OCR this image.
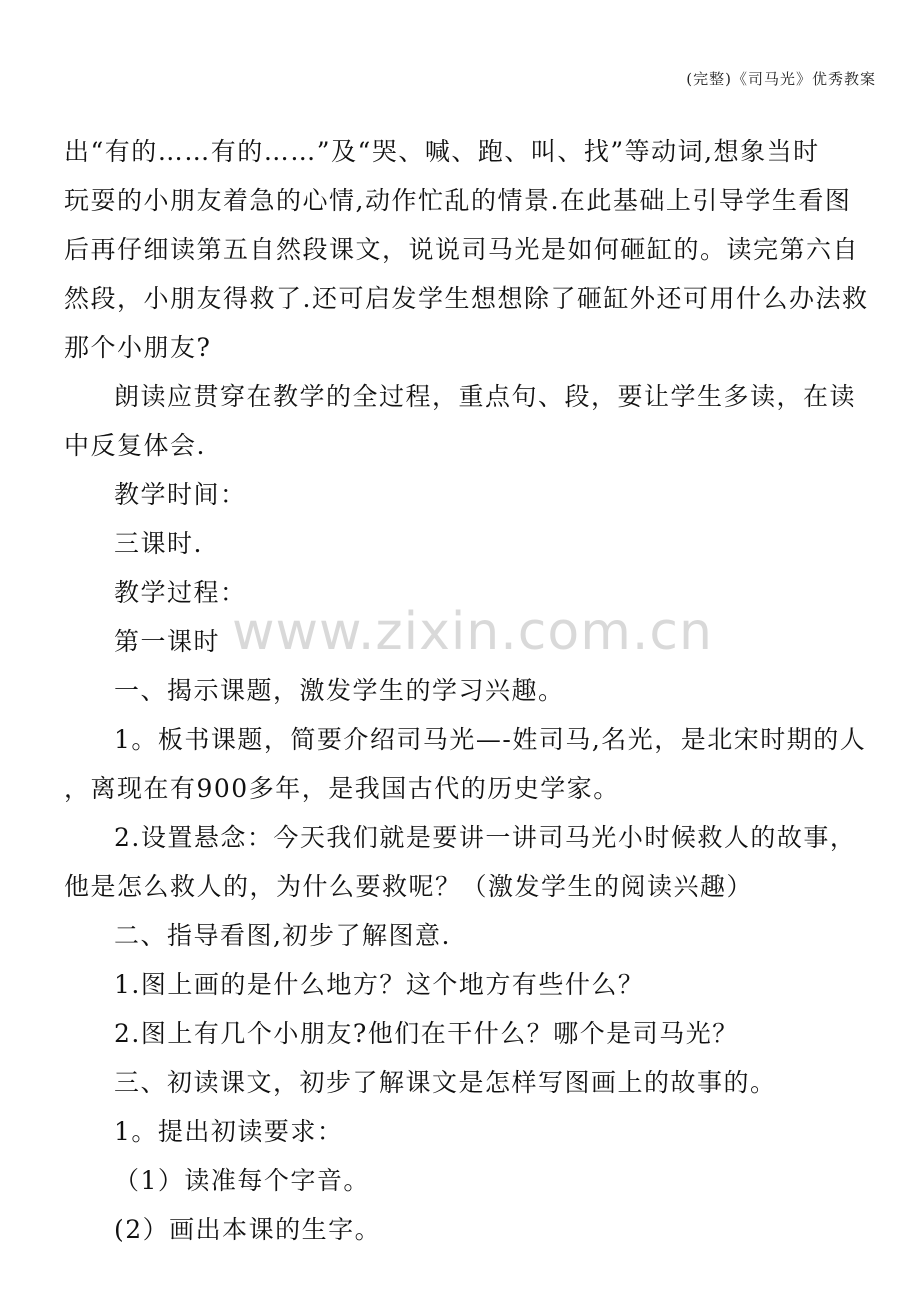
(完整)《司马光》优秀教案
www.zixin.com.cn

出“有的……有的……”及“哭、喊、跑、叫、找”等动词,想象当时

玩耍的小朋友着急的心情,动作忙乱的情景.在此基础上引导学生看图

后再仔细读第五自然段课文，说说司马光是如何砸缸的。读完第六自

然段，小朋友得救了.还可启发学生想想除了砸缸外还可用什么办法救

那个小朋友?

朗读应贯穿在教学的全过程，重点句、段，要让学生多读，在读

中反复体会.

教学时间：

三课时.

教学过程：

第一课时

一、揭示课题，激发学生的学习兴趣。

1。板书课题，简要介绍司马光—-姓司马,名光，是北宋时期的人

，离现在有900多年，是我国古代的历史学家。

2.设置悬念：今天我们就是要讲一讲司马光小时候救人的故事，

他是怎么救人的，为什么要救呢？（激发学生的阅读兴趣）

二、指导看图,初步了解图意.

1.图上画的是什么地方？这个地方有些什么？

2.图上有几个小朋友?他们在干什么？哪个是司马光？

三、初读课文，初步了解课文是怎样写图画上的故事的。

1。提出初读要求：

（1）读准每个字音。

(2）画出本课的生字。
